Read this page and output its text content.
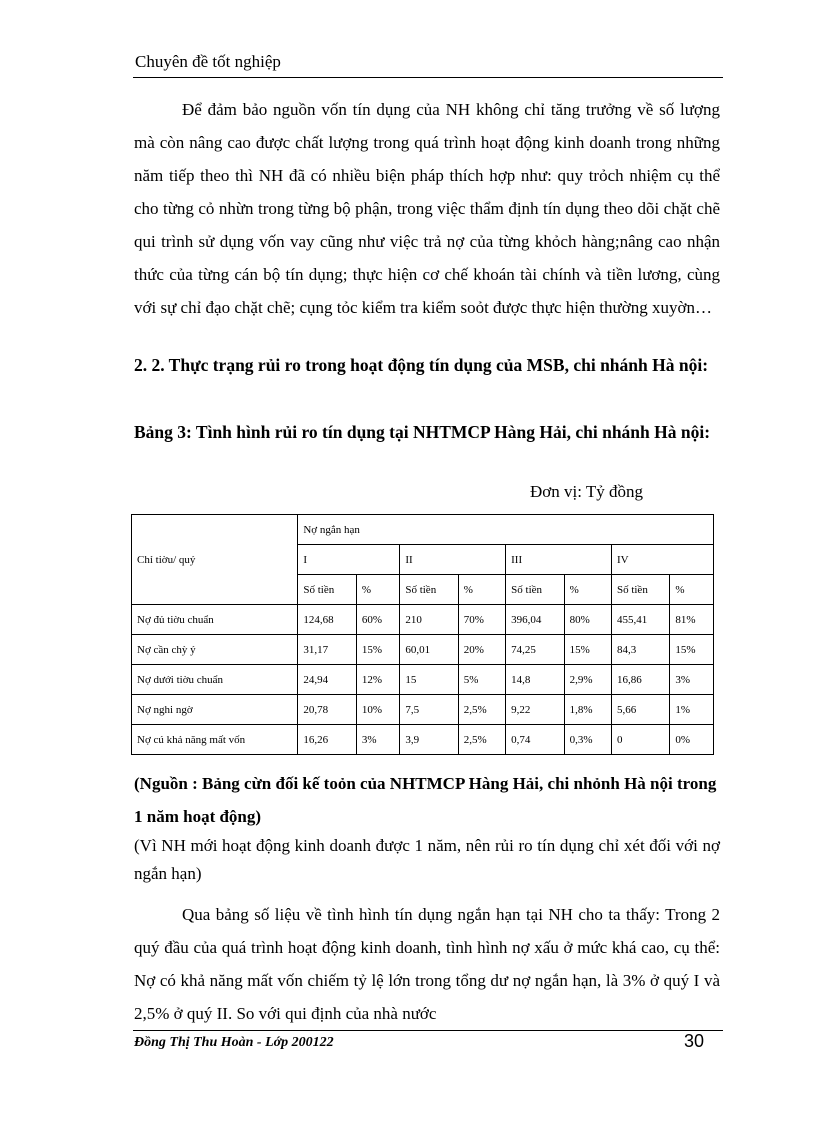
Chuyên đề tốt nghiệp
Để đảm bảo nguồn vốn tín dụng của NH không chỉ tăng trưởng về số lượng mà còn nâng cao được chất lượng trong quá trình hoạt động kinh doanh trong những năm tiếp theo thì NH đã có nhiều biện pháp thích hợp như: quy trỏch nhiệm cụ thể cho từng cỏ nhừn trong từng bộ phận, trong việc thẩm định tín dụng theo dõi chặt chẽ qui trình sử dụng vốn vay cũng như việc trả nợ của từng khỏch hàng;nâng cao nhận thức của từng cán bộ tín dụng; thực hiện cơ chế khoán tài chính và tiền lương, cùng với sự chỉ đạo chặt chẽ; cụng tỏc kiểm tra kiểm soỏt được thực hiện thường xuyờn…
2. 2. Thực trạng rủi ro trong hoạt động tín dụng của MSB, chi nhánh Hà nội:
Bảng 3: Tình hình rủi ro tín dụng tại NHTMCP Hàng Hải, chi nhánh Hà nội:
Đơn vị: Tỷ đồng
Chỉ tiờu/ quý	Nợ ngắn hạn							
	I		II		III		IV	
	Số tiền	%	Số tiền	%	Số tiền	%	Số tiền	%
Nợ đủ tiờu chuẩn	124,68	60%	210	70%	396,04	80%	455,41	81%
Nợ cần chỳ ý	31,17	15%	60,01	20%	74,25	15%	84,3	15%
Nợ dưới tiờu chuẩn	24,94	12%	15	5%	14,8	2,9%	16,86	3%
Nợ nghi ngờ	20,78	10%	7,5	2,5%	9,22	1,8%	5,66	1%
Nợ cú khả năng mất vốn	16,26	3%	3,9	2,5%	0,74	0,3%	0	0%
(Nguồn : Bảng cừn đối kế toỏn của NHTMCP Hàng Hải, chi nhỏnh Hà nội trong 1 năm hoạt động)
(Vì NH mới hoạt động kinh doanh được 1 năm, nên rủi ro tín dụng chỉ xét đối với nợ ngắn hạn)
Qua bảng số liệu về tình hình tín dụng ngắn hạn tại NH cho ta thấy: Trong 2 quý đầu của quá trình hoạt động kinh doanh, tình hình nợ xấu ở mức khá cao, cụ thể: Nợ có khả năng mất vốn chiếm tỷ lệ lớn trong tổng dư nợ ngắn hạn, là 3% ở quý I và 2,5% ở quý II. So với qui định của nhà nước
Đồng Thị Thu Hoàn - Lớp 200122	30
